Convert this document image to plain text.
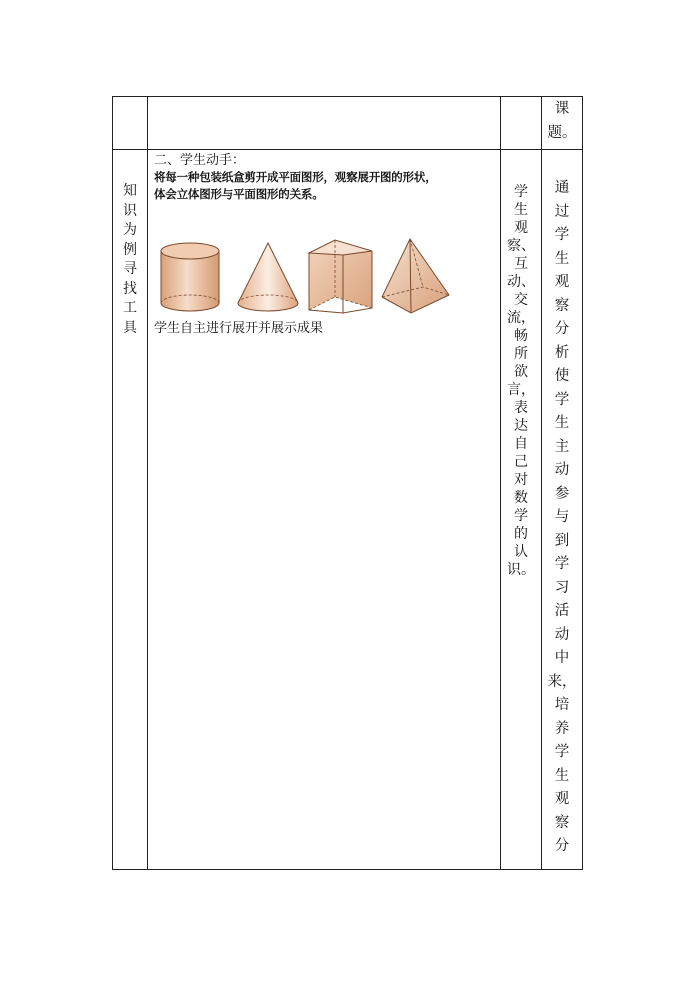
课
题。
知
识
为
例
寻
找
工
具
二、学生动手：
将每一种包装纸盒剪开成平面图形，观察展开图的形状，
体会立体图形与平面图形的关系。
学生自主进行展开并展示成果
学
生
观
察、
互
动、
交
流，
畅
所
欲
言，
表
达
自
己
对
数
学
的
认
识。
通
过
学
生
观
察
分
析
使
学
生
主
动
参
与
到
学
习
活
动
中
来，
培
养
学
生
观
察
分
